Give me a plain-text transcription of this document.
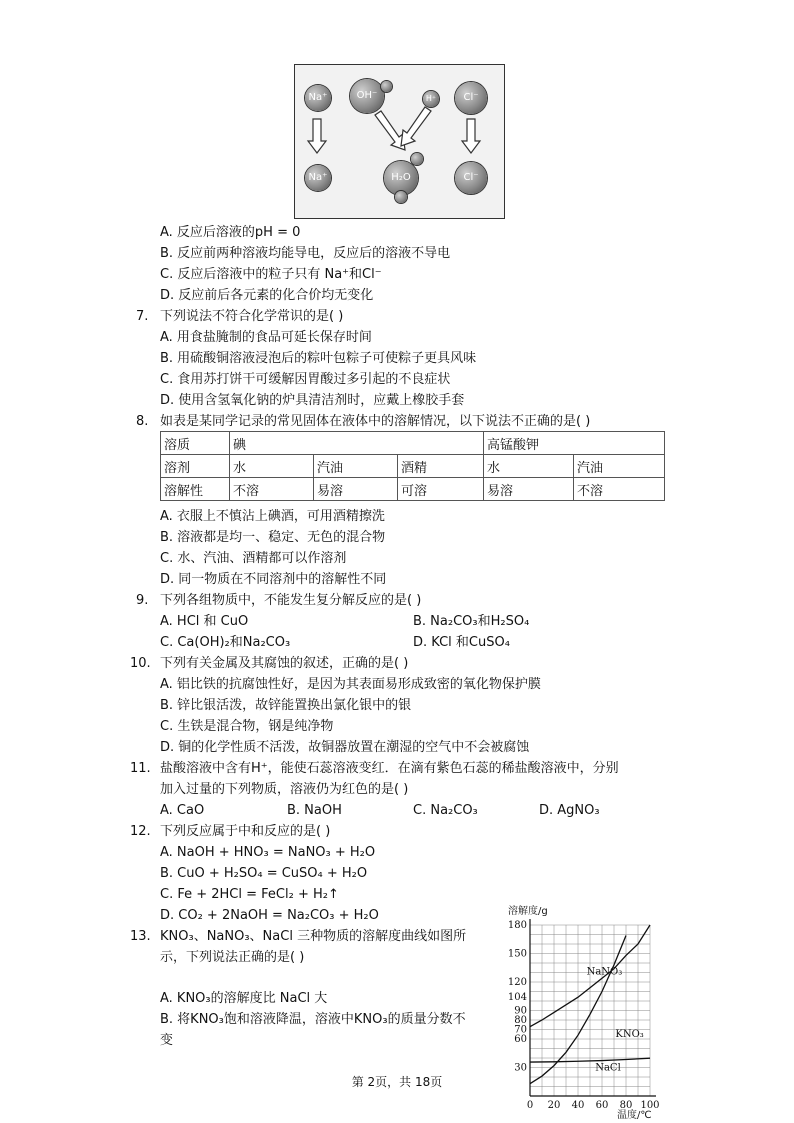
Na⁺	OH⁻	H⁺	Cl⁻
Na⁺	H₂O	Cl⁻
A. 反应后溶液的pH = 0
B. 反应前两种溶液均能导电，反应后的溶液不导电
C. 反应后溶液中的粒子只有 Na⁺和Cl⁻
D. 反应前后各元素的化合价均无变化
7. 下列说法不符合化学常识的是( )
A. 用食盐腌制的食品可延长保存时间
B. 用硫酸铜溶液浸泡后的粽叶包粽子可使粽子更具风味
C. 食用苏打饼干可缓解因胃酸过多引起的不良症状
D. 使用含氢氧化钠的炉具清洁剂时，应戴上橡胶手套
8. 如表是某同学记录的常见固体在液体中的溶解情况，以下说法不正确的是( )
溶质	碘			高锰酸钾	
溶剂	水	汽油	酒精	水	汽油
溶解性	不溶	易溶	可溶	易溶	不溶
A. 衣服上不慎沾上碘酒，可用酒精擦洗
B. 溶液都是均一、稳定、无色的混合物
C. 水、汽油、酒精都可以作溶剂
D. 同一物质在不同溶剂中的溶解性不同
9. 下列各组物质中，不能发生复分解反应的是( )
A. HCl 和 CuO	B. Na₂CO₃和H₂SO₄
C. Ca(OH)₂和Na₂CO₃	D. KCl 和CuSO₄
10. 下列有关金属及其腐蚀的叙述，正确的是( )
A. 铝比铁的抗腐蚀性好，是因为其表面易形成致密的氧化物保护膜
B. 锌比银活泼，故锌能置换出氯化银中的银
C. 生铁是混合物，钢是纯净物
D. 铜的化学性质不活泼，故铜器放置在潮湿的空气中不会被腐蚀
11. 盐酸溶液中含有H⁺，能使石蕊溶液变红．在滴有紫色石蕊的稀盐酸溶液中，分别
加入过量的下列物质，溶液仍为红色的是( )
A. CaO	B. NaOH	C. Na₂CO₃	D. AgNO₃
12. 下列反应属于中和反应的是( )
A. NaOH + HNO₃ = NaNO₃ + H₂O
B. CuO + H₂SO₄ = CuSO₄ + H₂O
C. Fe + 2HCl = FeCl₂ + H₂↑
D. CO₂ + 2NaOH = Na₂CO₃ + H₂O
13. KNO₃、NaNO₃、NaCl 三种物质的溶解度曲线如图所
示，下列说法正确的是( )
A. KNO₃的溶解度比 NaCl 大
B. 将KNO₃饱和溶液降温，溶液中KNO₃的质量分数不
变
0 20 40 60 80 100
30
60
70
80
90
104
120
150
180
NaNO₃
KNO₃
NaCl
溶解度/g
温度/℃
第 2页，共 18页
